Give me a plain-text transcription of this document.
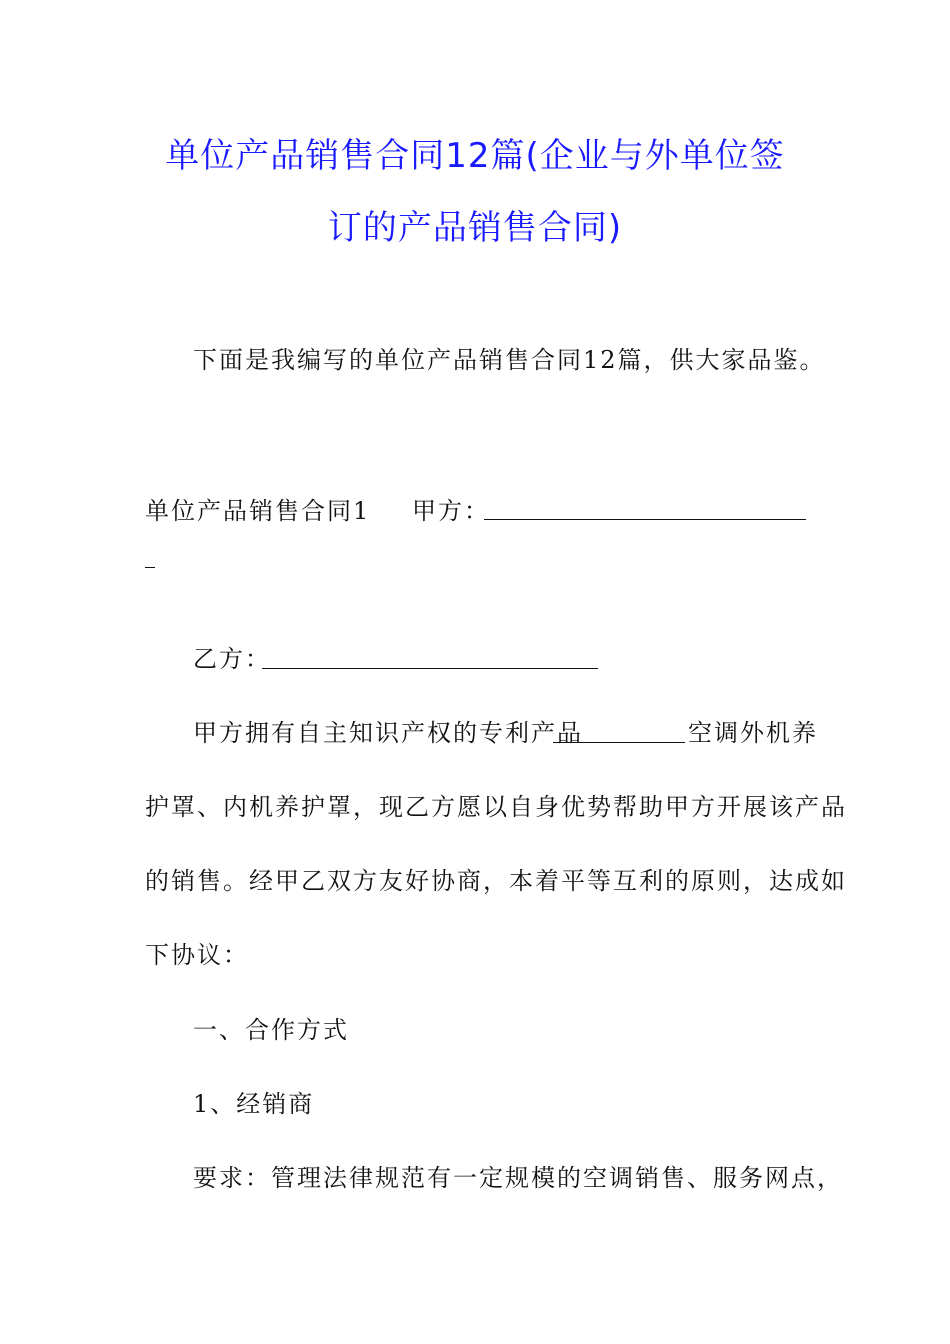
单位产品销售合同12篇(企业与外单位签
订的产品销售合同)
下面是我编写的单位产品销售合同12篇，供大家品鉴。
单位产品销售合同1 甲方：
乙方：
甲方拥有自主知识产权的专利产品	空调外机养
护罩、内机养护罩，现乙方愿以自身优势帮助甲方开展该产品
的销售。经甲乙双方友好协商，本着平等互利的原则，达成如
下协议：
一、合作方式
1、经销商
要求：管理法律规范有一定规模的空调销售、服务网点，
